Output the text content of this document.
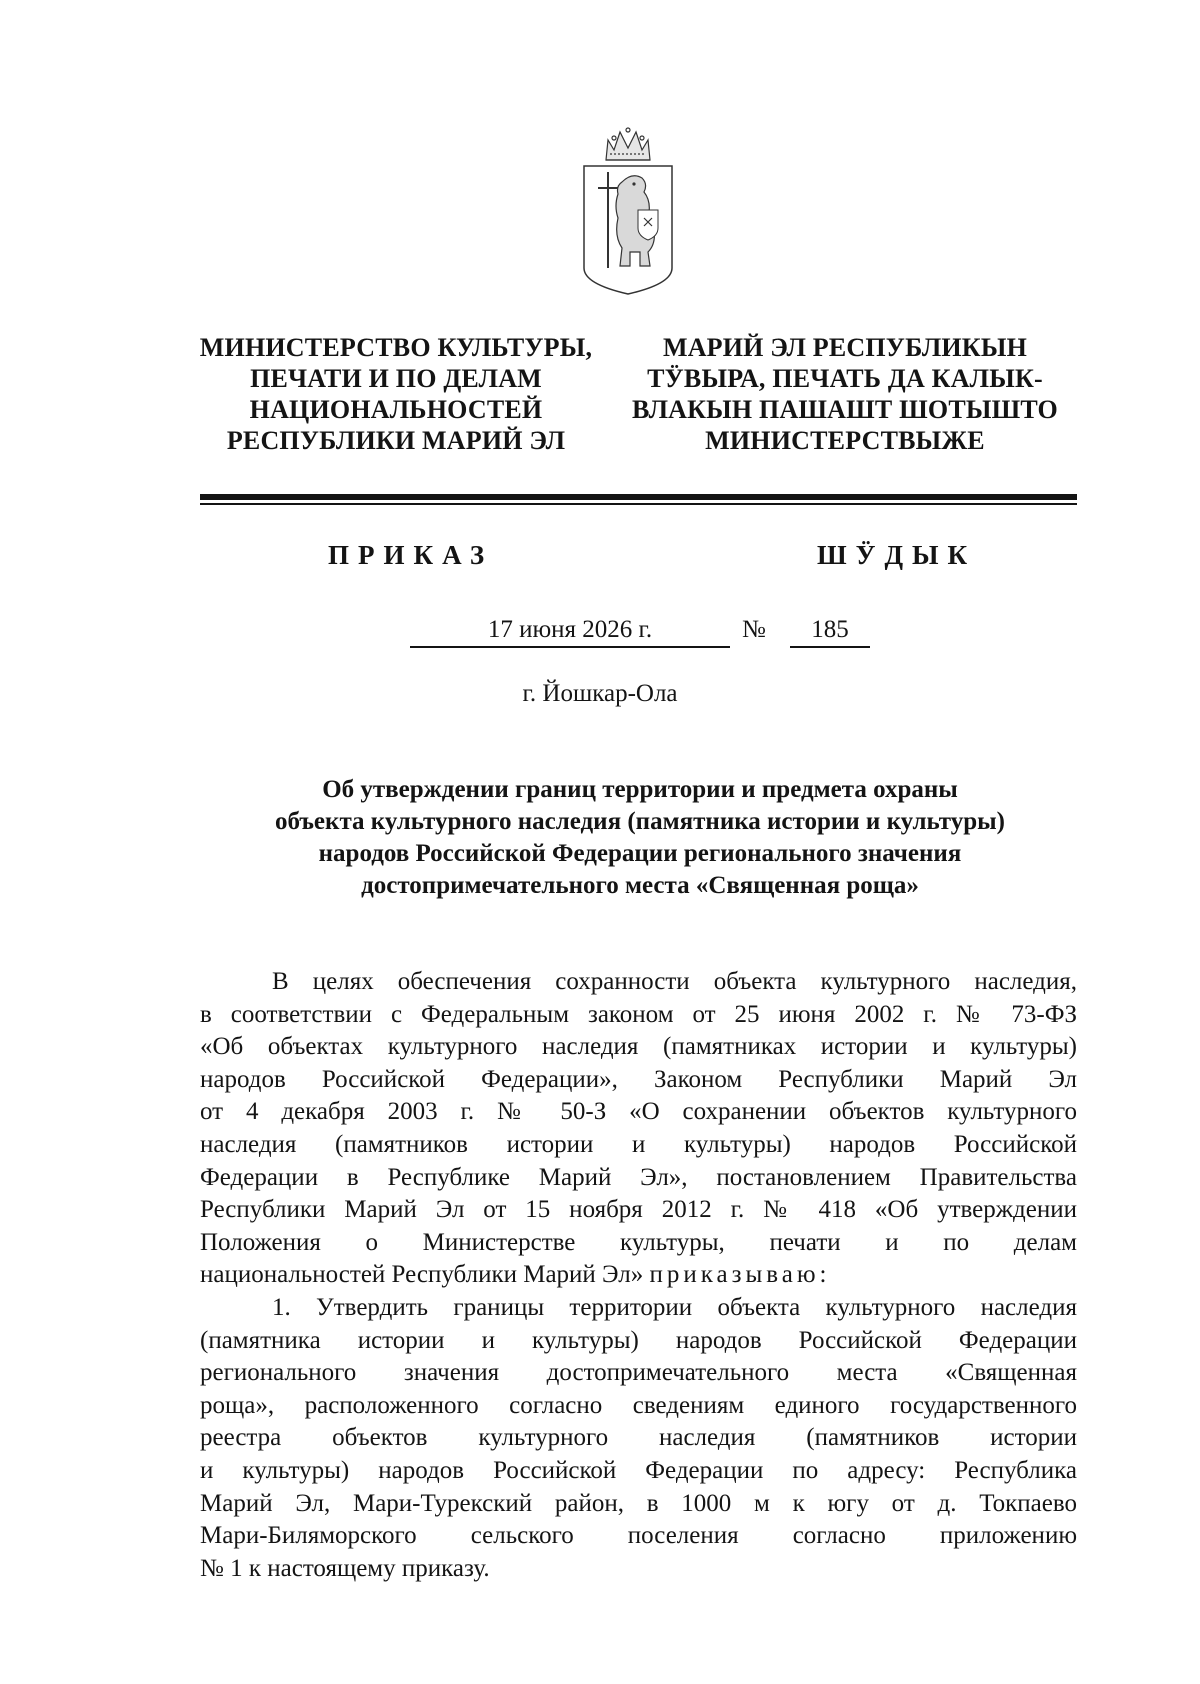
МИНИСТЕРСТВО КУЛЬТУРЫ,
ПЕЧАТИ И ПО ДЕЛАМ
НАЦИОНАЛЬНОСТЕЙ
РЕСПУБЛИКИ МАРИЙ ЭЛ
МАРИЙ ЭЛ РЕСПУБЛИКЫН
ТӰВЫРА, ПЕЧАТЬ ДА КАЛЫК-
ВЛАКЫН ПАШАШТ ШОТЫШТО
МИНИСТЕРСТВЫЖЕ
ПРИКАЗ	ШӰДЫК
17 июня 2026 г.	№	185
г. Йошкар-Ола
Об утверждении границ территории и предмета охраны
объекта культурного наследия (памятника истории и культуры)
народов Российской Федерации регионального значения
достопримечательного места «Священная роща»
В целях обеспечения сохранности объекта культурного наследия,
в соответствии с Федеральным законом от 25 июня 2002 г. № 73-ФЗ
«Об объектах культурного наследия (памятниках истории и культуры)
народов Российской Федерации», Законом Республики Марий Эл
от 4 декабря 2003 г. № 50-З «О сохранении объектов культурного
наследия (памятников истории и культуры) народов Российской
Федерации в Республике Марий Эл», постановлением Правительства
Республики Марий Эл от 15 ноября 2012 г. № 418 «Об утверждении
Положения о Министерстве культуры, печати и по делам
национальностей Республики Марий Эл» приказываю:
1. Утвердить границы территории объекта культурного наследия
(памятника истории и культуры) народов Российской Федерации
регионального значения достопримечательного места «Священная
роща», расположенного согласно сведениям единого государственного
реестра объектов культурного наследия (памятников истории
и культуры) народов Российской Федерации по адресу: Республика
Марий Эл, Мари-Турекский район, в 1000 м к югу от д. Токпаево
Мари-Биляморского сельского поселения согласно приложению
№ 1 к настоящему приказу.
